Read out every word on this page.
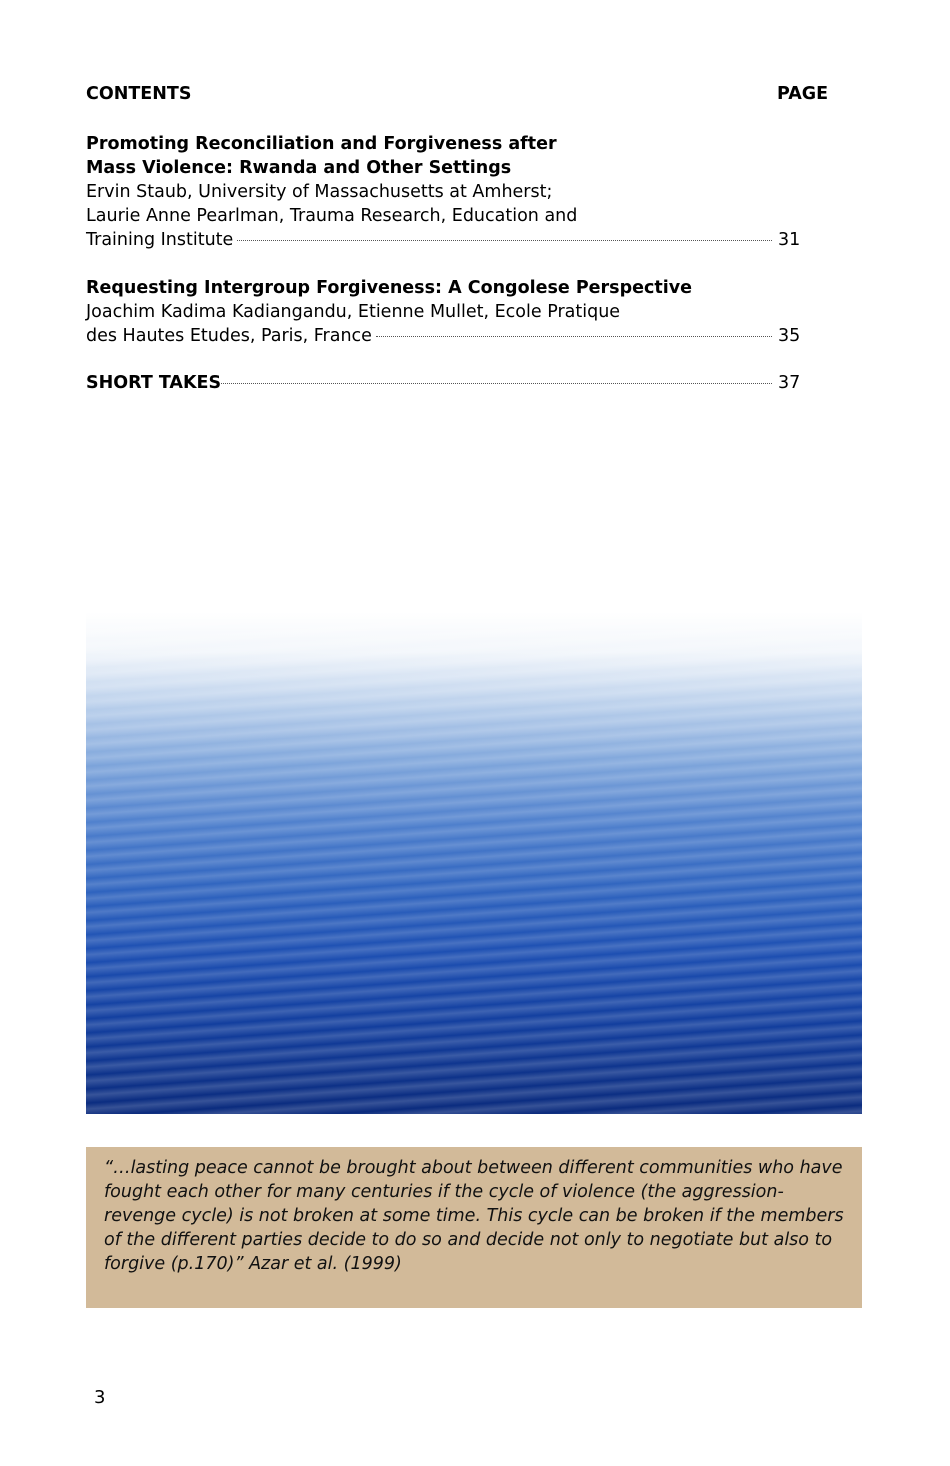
CONTENTS	PAGE
Promoting Reconciliation and Forgiveness after
Mass Violence: Rwanda and Other Settings
Ervin Staub, University of Massachusetts at Amherst;
Laurie Anne Pearlman, Trauma Research, Education and
Training Institute	31
Requesting Intergroup Forgiveness: A Congolese Perspective
Joachim Kadima Kadiangandu, Etienne Mullet, Ecole Pratique
des Hautes Etudes, Paris, France	35
SHORT TAKES	37
“…lasting peace cannot be brought about between different communities who have fought each other for many centuries if the cycle of violence (the aggression-revenge cycle) is not broken at some time. This cycle can be broken if the members of the different parties decide to do so and decide not only to negotiate but also to forgive (p.170)” Azar et al. (1999)
3
